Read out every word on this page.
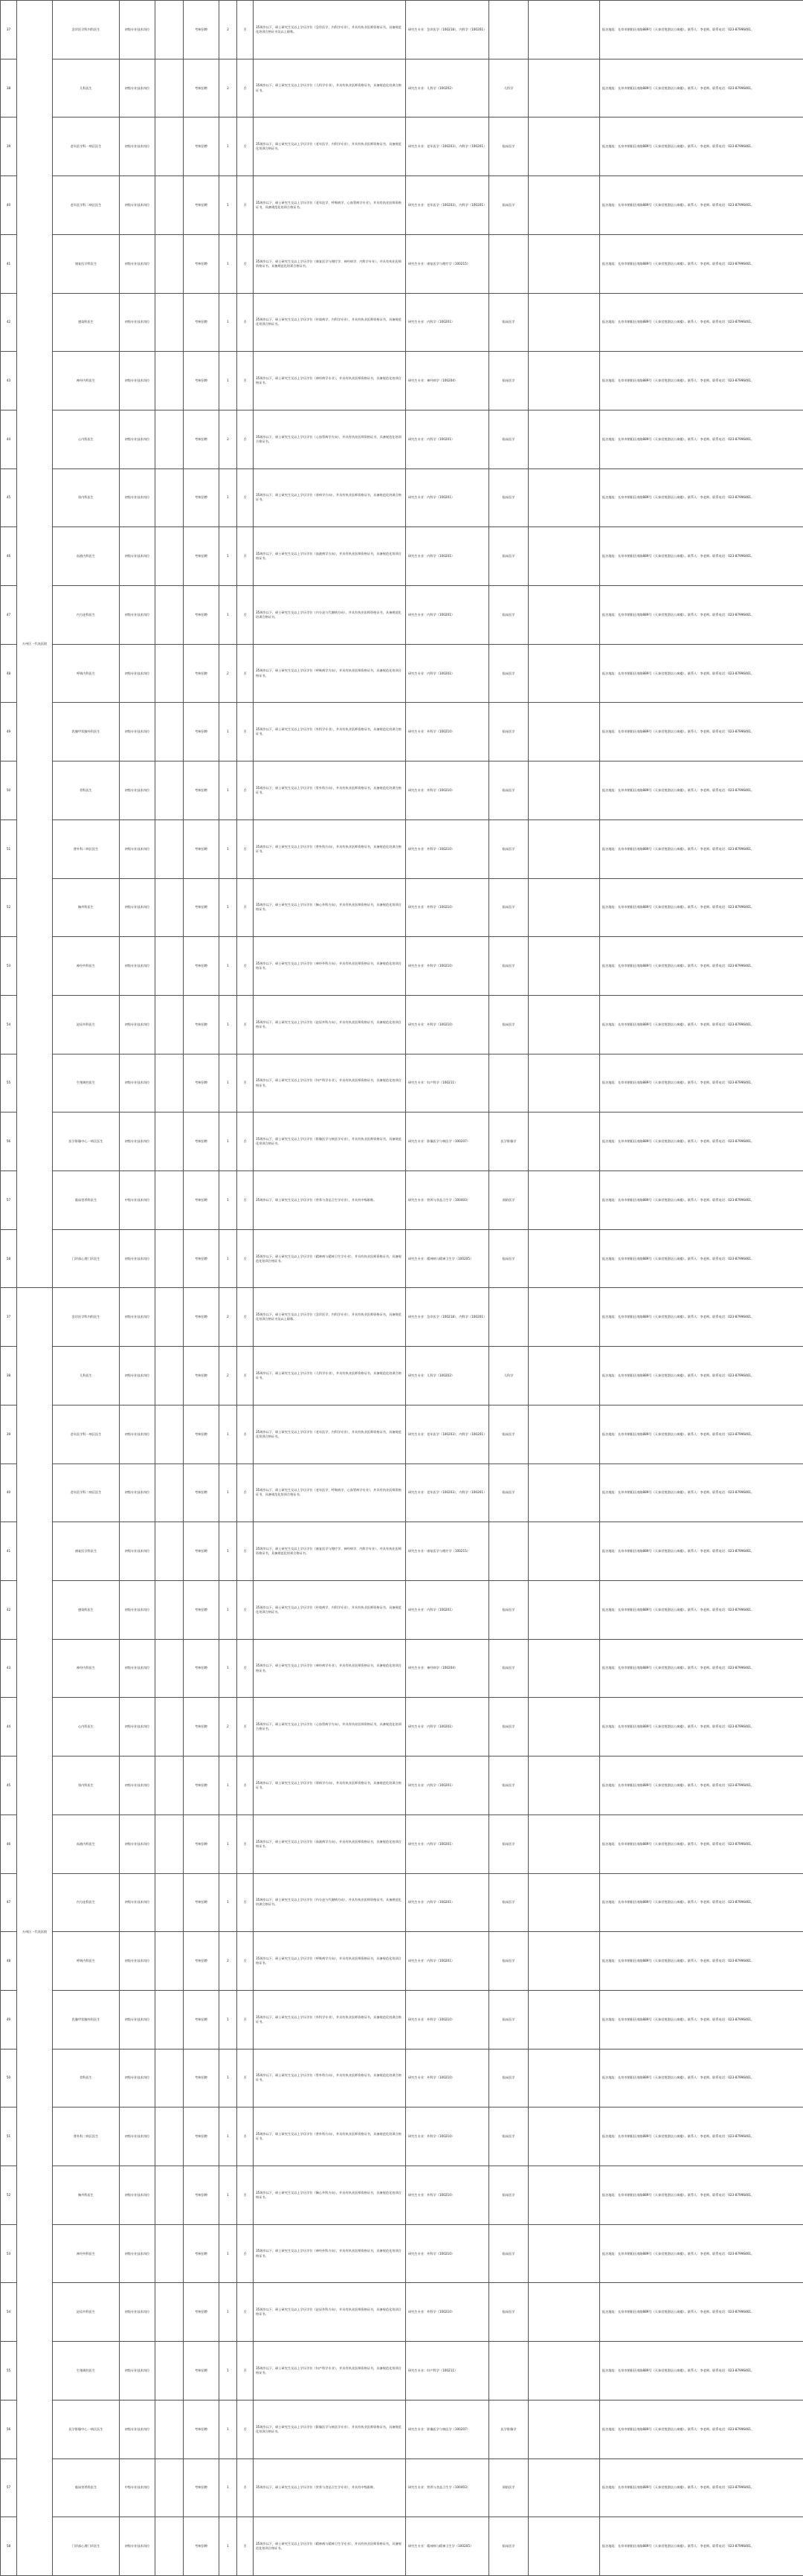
37	万州区一代表医院	急诊医学科内科医生	初级专业技术岗位		考核招聘	2	否	35周岁以下，硕士研究生及以上学历学位（急诊医学、内科学专业），并具有执业医师资格证书，具备规范化培训合格证书及以上职称。	研究生专业：急诊医学（100218），内科学（100201）			报名地址：长寿市朝阳区南路889号（天泰君悦酒店公寓楼）。联系人：李老师。联系电话：023-87996461。
38		儿科医生	初级专业技术岗位		考核招聘	2	否	35周岁以下，硕士研究生及以上学历学位（儿科学专业），并具有执业医师资格证书，具备规范化培训合格证书。	研究生专业：儿科学（100202）	儿科学		报名地址：长寿市朝阳区南路889号（天泰君悦酒店公寓楼）。联系人：李老师。联系电话：023-87996461。
39		老年医学科一病区医生	初级专业技术岗位		考核招聘	1	否	35周岁以下，硕士研究生及以上学历学位（老年医学、内科学专业），并具有执业医师资格证书，具备规范化培训合格证书。	研究生专业：老年医学（100203），内科学（100201）	临床医学		报名地址：长寿市朝阳区南路889号（天泰君悦酒店公寓楼）。联系人：李老师。联系电话：023-87996461。
40		老年医学科二病区医生	初级专业技术岗位		考核招聘	1	否	35周岁以下，硕士研究生及以上学历学位（老年医学、呼吸病学、心血管病学专业），并具有执业医师资格证书，具备规范化培训合格证书。	研究生专业：老年医学（100203），内科学（100201）	临床医学		报名地址：长寿市朝阳区南路889号（天泰君悦酒店公寓楼）。联系人：李老师。联系电话：023-87996461。
41		康复医学科医生	初级专业技术岗位		考核招聘	1	否	35周岁以下，硕士研究生及以上学历学位（康复医学与理疗学、神经病学、内科学专业），并具有执业医师资格证书，具备规范化培训合格证书。	研究生专业：康复医学与理疗学（100215）			报名地址：长寿市朝阳区南路889号（天泰君悦酒店公寓楼）。联系人：李老师。联系电话：023-87996461。
42		感染科医生	初级专业技术岗位		考核招聘	1	否	35周岁以下，硕士研究生及以上学历学位（传染病学、内科学专业），并具有执业医师资格证书，具备规范化培训合格证书。	研究生专业：内科学（100201）	临床医学		报名地址：长寿市朝阳区南路889号（天泰君悦酒店公寓楼）。联系人：李老师。联系电话：023-87996461。
43		神经内科医生	初级专业技术岗位		考核招聘	1	否	35周岁以下，硕士研究生及以上学历学位（神经病学专业），并具有执业医师资格证书，具备规范化培训合格证书。	研究生专业：神经病学（100204）	临床医学		报名地址：长寿市朝阳区南路889号（天泰君悦酒店公寓楼）。联系人：李老师。联系电话：023-87996461。
44		心内科医生	初级专业技术岗位		考核招聘	2	否	35周岁以下，硕士研究生及以上学历学位（心血管病学方向），并具有执业医师资格证书，具备规范化培训合格证书。	研究生专业：内科学（100201）	临床医学		报名地址：长寿市朝阳区南路889号（天泰君悦酒店公寓楼）。联系人：李老师。联系电话：023-87996461。
45		肾内科医生	初级专业技术岗位		考核招聘	1	否	35周岁以下，硕士研究生及以上学历学位（肾病学方向），并具有执业医师资格证书，具备规范化培训合格证书。	研究生专业：内科学（100201）	临床医学		报名地址：长寿市朝阳区南路889号（天泰君悦酒店公寓楼）。联系人：李老师。联系电话：023-87996461。
46		血液内科医生	初级专业技术岗位		考核招聘	1	否	35周岁以下，硕士研究生及以上学历学位（血液病学方向），并具有执业医师资格证书，具备规范化培训合格证书。	研究生专业：内科学（100201）	临床医学		报名地址：长寿市朝阳区南路889号（天泰君悦酒店公寓楼）。联系人：李老师。联系电话：023-87996461。
47		内分泌科医生	初级专业技术岗位		考核招聘	1	否	35周岁以下，硕士研究生及以上学历学位（内分泌与代谢病方向），并具有执业医师资格证书，具备规范化培训合格证书。	研究生专业：内科学（100201）	临床医学		报名地址：长寿市朝阳区南路889号（天泰君悦酒店公寓楼）。联系人：李老师。联系电话：023-87996461。
48		呼吸内科医生	初级专业技术岗位		考核招聘	2	否	35周岁以下，硕士研究生及以上学历学位（呼吸病学方向），并具有执业医师资格证书，具备规范化培训合格证书。	研究生专业：内科学（100201）	临床医学		报名地址：长寿市朝阳区南路889号（天泰君悦酒店公寓楼）。联系人：李老师。联系电话：023-87996461。
49		乳腺甲状腺外科医生	初级专业技术岗位		考核招聘	1	否	35周岁以下，硕士研究生及以上学历学位（外科学专业），并具有执业医师资格证书，具备规范化培训合格证书。	研究生专业：外科学（100210）	临床医学		报名地址：长寿市朝阳区南路889号（天泰君悦酒店公寓楼）。联系人：李老师。联系电话：023-87996461。
50		骨科医生	初级专业技术岗位		考核招聘	1	否	35周岁以下，硕士研究生及以上学历学位（骨外科方向），并具有执业医师资格证书，具备规范化培训合格证书。	研究生专业：外科学（100210）	临床医学		报名地址：长寿市朝阳区南路889号（天泰君悦酒店公寓楼）。联系人：李老师。联系电话：023-87996461。
51		普外科二病区医生	初级专业技术岗位		考核招聘	1	否	35周岁以下，硕士研究生及以上学历学位（普外科方向），并具有执业医师资格证书，具备规范化培训合格证书。	研究生专业：外科学（100210）	临床医学		报名地址：长寿市朝阳区南路889号（天泰君悦酒店公寓楼）。联系人：李老师。联系电话：023-87996461。
52		胸外科医生	初级专业技术岗位		考核招聘	1	否	35周岁以下，硕士研究生及以上学历学位（胸心外科方向），并具有执业医师资格证书，具备规范化培训合格证书。	研究生专业：外科学（100210）	临床医学		报名地址：长寿市朝阳区南路889号（天泰君悦酒店公寓楼）。联系人：李老师。联系电话：023-87996461。
53		神经外科医生	初级专业技术岗位		考核招聘	1	否	35周岁以下，硕士研究生及以上学历学位（神经外科方向），并具有执业医师资格证书，具备规范化培训合格证书。	研究生专业：外科学（100210）	临床医学		报名地址：长寿市朝阳区南路889号（天泰君悦酒店公寓楼）。联系人：李老师。联系电话：023-87996461。
54		泌尿外科医生	初级专业技术岗位		考核招聘	1	否	35周岁以下，硕士研究生及以上学历学位（泌尿外科方向），并具有执业医师资格证书，具备规范化培训合格证书。	研究生专业：外科学（100210）	临床医学		报名地址：长寿市朝阳区南路889号（天泰君悦酒店公寓楼）。联系人：李老师。联系电话：023-87996461。
55		生殖调控医生	初级专业技术岗位		考核招聘	1	否	35周岁以下，硕士研究生及以上学历学位（妇产科学专业），并具有执业医师资格证书，具备规范化培训合格证书。	研究生专业：妇产科学（100211）			报名地址：长寿市朝阳区南路889号（天泰君悦酒店公寓楼）。联系人：李老师。联系电话：023-87996461。
56		医学影像中心一病区医生	初级专业技术岗位		考核招聘	1	否	35周岁以下，硕士研究生及以上学历学位（影像医学与核医学专业），并具有执业医师资格证书，具备规范化培训合格证书。	研究生专业：影像医学与核医学（100207）	医学影像学		报名地址：长寿市朝阳区南路889号（天泰君悦酒店公寓楼）。联系人：李老师。联系电话：023-87996461。
57		临床营养科医生	中级专业技术岗位		考核招聘	1	否	35周岁以下，硕士研究生及以上学历学位（营养与食品卫生学专业），并具有中级职称。	研究生专业：营养与食品卫生学（100403）	预防医学		报名地址：长寿市朝阳区南路889号（天泰君悦酒店公寓楼）。联系人：李老师。联系电话：023-87996461。
58		门诊部心理门诊医生	初级专业技术岗位		考核招聘	1	否	35周岁以下，硕士研究生及以上学历学位（精神病与精神卫生学专业），并具有执业医师资格证书，具备规范化培训合格证书。	研究生专业：精神病与精神卫生学（100205）	临床医学		报名地址：长寿市朝阳区南路889号（天泰君悦酒店公寓楼）。联系人：李老师。联系电话：023-87996461。
37	万州区一代表医院	急诊医学科内科医生	初级专业技术岗位		考核招聘	2	否	35周岁以下，硕士研究生及以上学历学位（急诊医学、内科学专业），并具有执业医师资格证书，具备规范化培训合格证书及以上职称。	研究生专业：急诊医学（100218），内科学（100201）			报名地址：长寿市朝阳区南路889号（天泰君悦酒店公寓楼）。联系人：李老师。联系电话：023-87996461。
38		儿科医生	初级专业技术岗位		考核招聘	2	否	35周岁以下，硕士研究生及以上学历学位（儿科学专业），并具有执业医师资格证书，具备规范化培训合格证书。	研究生专业：儿科学（100202）	儿科学		报名地址：长寿市朝阳区南路889号（天泰君悦酒店公寓楼）。联系人：李老师。联系电话：023-87996461。
39		老年医学科一病区医生	初级专业技术岗位		考核招聘	1	否	35周岁以下，硕士研究生及以上学历学位（老年医学、内科学专业），并具有执业医师资格证书，具备规范化培训合格证书。	研究生专业：老年医学（100203），内科学（100201）	临床医学		报名地址：长寿市朝阳区南路889号（天泰君悦酒店公寓楼）。联系人：李老师。联系电话：023-87996461。
40		老年医学科二病区医生	初级专业技术岗位		考核招聘	1	否	35周岁以下，硕士研究生及以上学历学位（老年医学、呼吸病学、心血管病学专业），并具有执业医师资格证书，具备规范化培训合格证书。	研究生专业：老年医学（100203），内科学（100201）	临床医学		报名地址：长寿市朝阳区南路889号（天泰君悦酒店公寓楼）。联系人：李老师。联系电话：023-87996461。
41		康复医学科医生	初级专业技术岗位		考核招聘	1	否	35周岁以下，硕士研究生及以上学历学位（康复医学与理疗学、神经病学、内科学专业），并具有执业医师资格证书，具备规范化培训合格证书。	研究生专业：康复医学与理疗学（100215）			报名地址：长寿市朝阳区南路889号（天泰君悦酒店公寓楼）。联系人：李老师。联系电话：023-87996461。
42		感染科医生	初级专业技术岗位		考核招聘	1	否	35周岁以下，硕士研究生及以上学历学位（传染病学、内科学专业），并具有执业医师资格证书，具备规范化培训合格证书。	研究生专业：内科学（100201）	临床医学		报名地址：长寿市朝阳区南路889号（天泰君悦酒店公寓楼）。联系人：李老师。联系电话：023-87996461。
43		神经内科医生	初级专业技术岗位		考核招聘	1	否	35周岁以下，硕士研究生及以上学历学位（神经病学专业），并具有执业医师资格证书，具备规范化培训合格证书。	研究生专业：神经病学（100204）	临床医学		报名地址：长寿市朝阳区南路889号（天泰君悦酒店公寓楼）。联系人：李老师。联系电话：023-87996461。
44		心内科医生	初级专业技术岗位		考核招聘	2	否	35周岁以下，硕士研究生及以上学历学位（心血管病学方向），并具有执业医师资格证书，具备规范化培训合格证书。	研究生专业：内科学（100201）	临床医学		报名地址：长寿市朝阳区南路889号（天泰君悦酒店公寓楼）。联系人：李老师。联系电话：023-87996461。
45		肾内科医生	初级专业技术岗位		考核招聘	1	否	35周岁以下，硕士研究生及以上学历学位（肾病学方向），并具有执业医师资格证书，具备规范化培训合格证书。	研究生专业：内科学（100201）	临床医学		报名地址：长寿市朝阳区南路889号（天泰君悦酒店公寓楼）。联系人：李老师。联系电话：023-87996461。
46		血液内科医生	初级专业技术岗位		考核招聘	1	否	35周岁以下，硕士研究生及以上学历学位（血液病学方向），并具有执业医师资格证书，具备规范化培训合格证书。	研究生专业：内科学（100201）	临床医学		报名地址：长寿市朝阳区南路889号（天泰君悦酒店公寓楼）。联系人：李老师。联系电话：023-87996461。
47		内分泌科医生	初级专业技术岗位		考核招聘	1	否	35周岁以下，硕士研究生及以上学历学位（内分泌与代谢病方向），并具有执业医师资格证书，具备规范化培训合格证书。	研究生专业：内科学（100201）	临床医学		报名地址：长寿市朝阳区南路889号（天泰君悦酒店公寓楼）。联系人：李老师。联系电话：023-87996461。
48		呼吸内科医生	初级专业技术岗位		考核招聘	2	否	35周岁以下，硕士研究生及以上学历学位（呼吸病学方向），并具有执业医师资格证书，具备规范化培训合格证书。	研究生专业：内科学（100201）	临床医学		报名地址：长寿市朝阳区南路889号（天泰君悦酒店公寓楼）。联系人：李老师。联系电话：023-87996461。
49		乳腺甲状腺外科医生	初级专业技术岗位		考核招聘	1	否	35周岁以下，硕士研究生及以上学历学位（外科学专业），并具有执业医师资格证书，具备规范化培训合格证书。	研究生专业：外科学（100210）	临床医学		报名地址：长寿市朝阳区南路889号（天泰君悦酒店公寓楼）。联系人：李老师。联系电话：023-87996461。
50		骨科医生	初级专业技术岗位		考核招聘	1	否	35周岁以下，硕士研究生及以上学历学位（骨外科方向），并具有执业医师资格证书，具备规范化培训合格证书。	研究生专业：外科学（100210）	临床医学		报名地址：长寿市朝阳区南路889号（天泰君悦酒店公寓楼）。联系人：李老师。联系电话：023-87996461。
51		普外科二病区医生	初级专业技术岗位		考核招聘	1	否	35周岁以下，硕士研究生及以上学历学位（普外科方向），并具有执业医师资格证书，具备规范化培训合格证书。	研究生专业：外科学（100210）	临床医学		报名地址：长寿市朝阳区南路889号（天泰君悦酒店公寓楼）。联系人：李老师。联系电话：023-87996461。
52		胸外科医生	初级专业技术岗位		考核招聘	1	否	35周岁以下，硕士研究生及以上学历学位（胸心外科方向），并具有执业医师资格证书，具备规范化培训合格证书。	研究生专业：外科学（100210）	临床医学		报名地址：长寿市朝阳区南路889号（天泰君悦酒店公寓楼）。联系人：李老师。联系电话：023-87996461。
53		神经外科医生	初级专业技术岗位		考核招聘	1	否	35周岁以下，硕士研究生及以上学历学位（神经外科方向），并具有执业医师资格证书，具备规范化培训合格证书。	研究生专业：外科学（100210）	临床医学		报名地址：长寿市朝阳区南路889号（天泰君悦酒店公寓楼）。联系人：李老师。联系电话：023-87996461。
54		泌尿外科医生	初级专业技术岗位		考核招聘	1	否	35周岁以下，硕士研究生及以上学历学位（泌尿外科方向），并具有执业医师资格证书，具备规范化培训合格证书。	研究生专业：外科学（100210）	临床医学		报名地址：长寿市朝阳区南路889号（天泰君悦酒店公寓楼）。联系人：李老师。联系电话：023-87996461。
55		生殖调控医生	初级专业技术岗位		考核招聘	1	否	35周岁以下，硕士研究生及以上学历学位（妇产科学专业），并具有执业医师资格证书，具备规范化培训合格证书。	研究生专业：妇产科学（100211）			报名地址：长寿市朝阳区南路889号（天泰君悦酒店公寓楼）。联系人：李老师。联系电话：023-87996461。
56		医学影像中心一病区医生	初级专业技术岗位		考核招聘	1	否	35周岁以下，硕士研究生及以上学历学位（影像医学与核医学专业），并具有执业医师资格证书，具备规范化培训合格证书。	研究生专业：影像医学与核医学（100207）	医学影像学		报名地址：长寿市朝阳区南路889号（天泰君悦酒店公寓楼）。联系人：李老师。联系电话：023-87996461。
57		临床营养科医生	中级专业技术岗位		考核招聘	1	否	35周岁以下，硕士研究生及以上学历学位（营养与食品卫生学专业），并具有中级职称。	研究生专业：营养与食品卫生学（100403）	预防医学		报名地址：长寿市朝阳区南路889号（天泰君悦酒店公寓楼）。联系人：李老师。联系电话：023-87996461。
58		门诊部心理门诊医生	初级专业技术岗位		考核招聘	1	否	35周岁以下，硕士研究生及以上学历学位（精神病与精神卫生学专业），并具有执业医师资格证书，具备规范化培训合格证书。	研究生专业：精神病与精神卫生学（100205）	临床医学		报名地址：长寿市朝阳区南路889号（天泰君悦酒店公寓楼）。联系人：李老师。联系电话：023-87996461。
